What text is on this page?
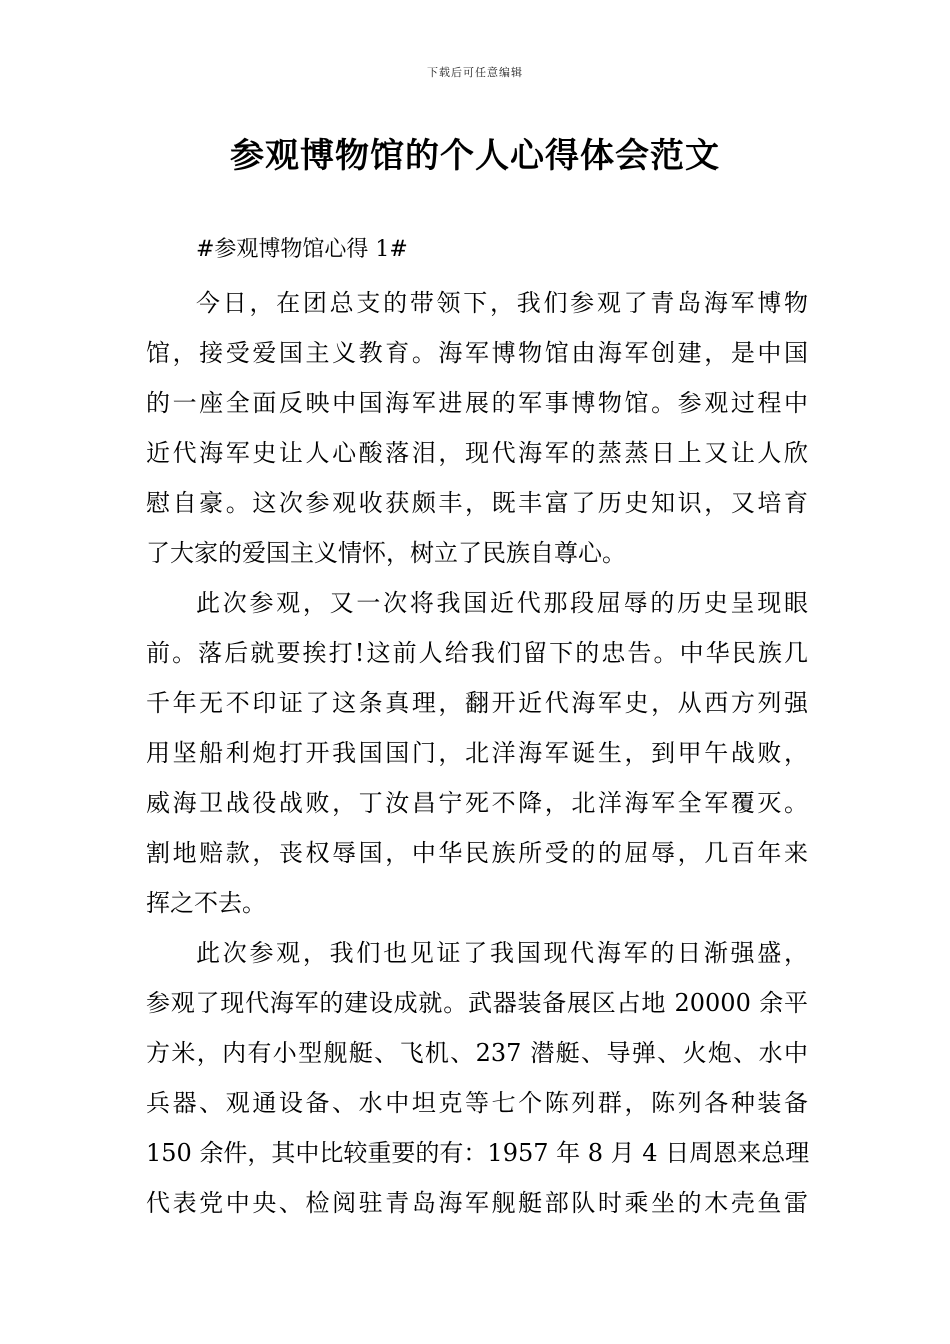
下载后可任意编辑
参观博物馆的个人心得体会范文

#参观博物馆心得 1#

今日，在团总支的带领下，我们参观了青岛海军博物
馆，接受爱国主义教育。海军博物馆由海军创建，是中国
的一座全面反映中国海军进展的军事博物馆。参观过程中
近代海军史让人心酸落泪，现代海军的蒸蒸日上又让人欣
慰自豪。这次参观收获颇丰，既丰富了历史知识，又培育
了大家的爱国主义情怀，树立了民族自尊心。
此次参观，又一次将我国近代那段屈辱的历史呈现眼
前。落后就要挨打!这前人给我们留下的忠告。中华民族几
千年无不印证了这条真理，翻开近代海军史，从西方列强
用坚船利炮打开我国国门，北洋海军诞生，到甲午战败，
威海卫战役战败，丁汝昌宁死不降，北洋海军全军覆灭。
割地赔款，丧权辱国，中华民族所受的的屈辱，几百年来
挥之不去。
此次参观，我们也见证了我国现代海军的日渐强盛，
参观了现代海军的建设成就。武器装备展区占地 20000 余平
方米，内有小型舰艇、飞机、237 潜艇、导弹、火炮、水中
兵器、观通设备、水中坦克等七个陈列群，陈列各种装备
150 余件，其中比较重要的有：1957 年 8 月 4 日周恩来总理
代表党中央、检阅驻青岛海军舰艇部队时乘坐的木壳鱼雷
